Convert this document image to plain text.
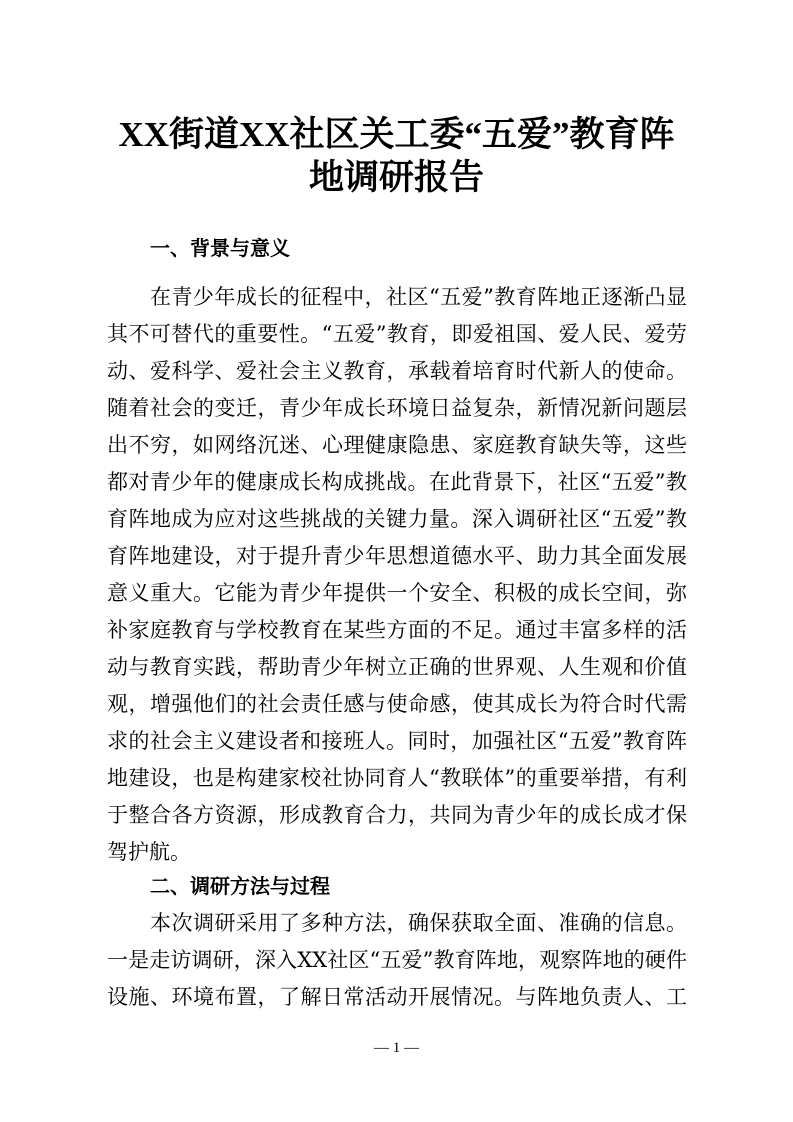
XX街道XX社区关工委“五爱”教育阵
地调研报告
一、背景与意义
在青少年成长的征程中，社区“五爱”教育阵地正逐渐凸显
其不可替代的重要性。“五爱”教育，即爱祖国、爱人民、爱劳
动、爱科学、爱社会主义教育，承载着培育时代新人的使命。
随着社会的变迁，青少年成长环境日益复杂，新情况新问题层
出不穷，如网络沉迷、心理健康隐患、家庭教育缺失等，这些
都对青少年的健康成长构成挑战。在此背景下，社区“五爱”教
育阵地成为应对这些挑战的关键力量。深入调研社区“五爱”教
育阵地建设，对于提升青少年思想道德水平、助力其全面发展
意义重大。它能为青少年提供一个安全、积极的成长空间，弥
补家庭教育与学校教育在某些方面的不足。通过丰富多样的活
动与教育实践，帮助青少年树立正确的世界观、人生观和价值
观，增强他们的社会责任感与使命感，使其成长为符合时代需
求的社会主义建设者和接班人。同时，加强社区“五爱”教育阵
地建设，也是构建家校社协同育人“教联体”的重要举措，有利
于整合各方资源，形成教育合力，共同为青少年的成长成才保
驾护航。
二、调研方法与过程
本次调研采用了多种方法，确保获取全面、准确的信息。
一是走访调研，深入XX社区“五爱”教育阵地，观察阵地的硬件
设施、环境布置，了解日常活动开展情况。与阵地负责人、工
— 1 —
